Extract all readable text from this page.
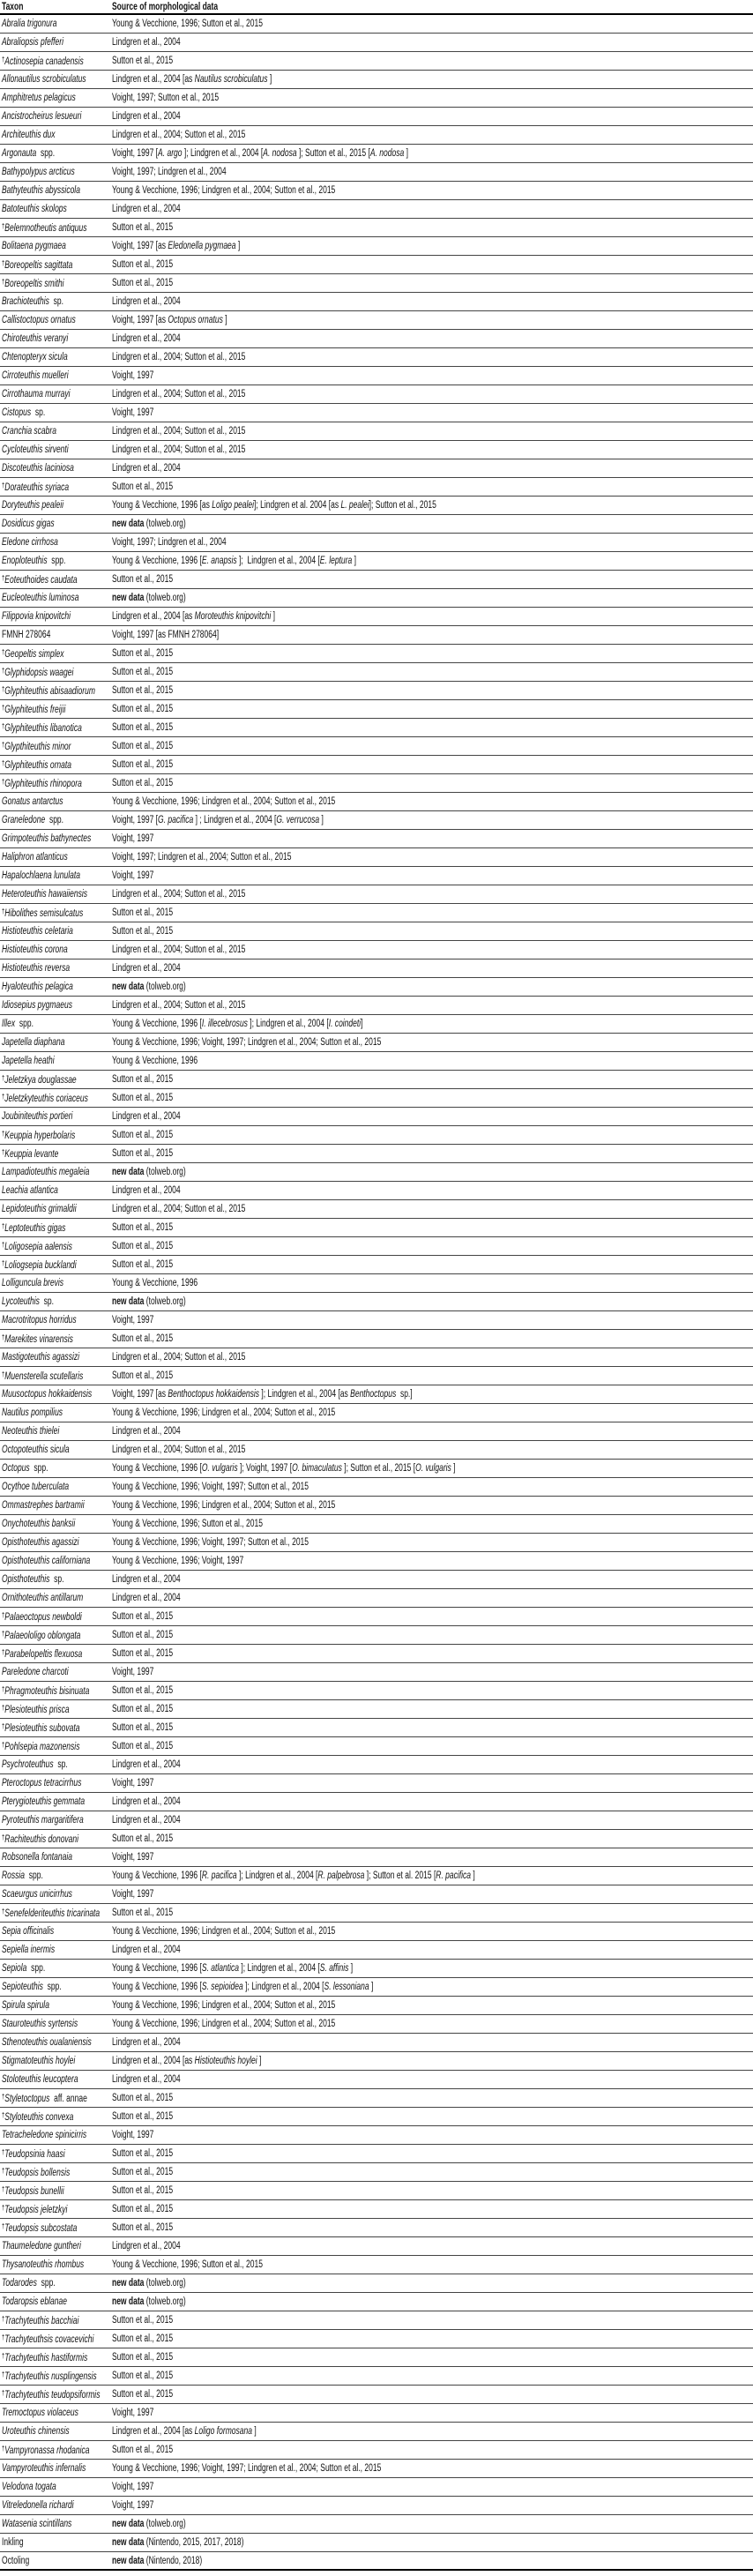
Taxon	Source of morphological data
Abralia trigonura	Young & Vecchione, 1996; Sutton et al., 2015
Abraliopsis pfefferi	Lindgren et al., 2004
†Actinosepia canadensis	Sutton et al., 2015
Allonautilus scrobiculatus	Lindgren et al., 2004 [as Nautilus scrobiculatus ]
Amphitretus pelagicus	Voight, 1997; Sutton et al., 2015
Ancistrocheirus lesueuri	Lindgren et al., 2004
Architeuthis dux	Lindgren et al., 2004; Sutton et al., 2015
Argonauta  spp.	Voight, 1997 [A. argo ]; Lindgren et al., 2004 [A. nodosa ]; Sutton et al., 2015 [A. nodosa ]
Bathypolypus arcticus	Voight, 1997; Lindgren et al., 2004
Bathyteuthis abyssicola	Young & Vecchione, 1996; Lindgren et al., 2004; Sutton et al., 2015
Batoteuthis skolops	Lindgren et al., 2004
†Belemnotheutis antiquus Sutton et al., 2015
Bolitaena pygmaea	Voight, 1997 [as Eledonella pygmaea ]
†Boreopeltis sagittata	Sutton et al., 2015
†Boreopeltis smithi	Sutton et al., 2015
Brachioteuthis  sp.	Lindgren et al., 2004
Callistoctopus ornatus	Voight, 1997 [as Octopus ornatus ]
Chiroteuthis veranyi	Lindgren et al., 2004
Chtenopteryx sicula	Lindgren et al., 2004; Sutton et al., 2015
Cirroteuthis muelleri	Voight, 1997
Cirrothauma murrayi	Lindgren et al., 2004; Sutton et al., 2015
Cistopus  sp.	Voight, 1997
Cranchia scabra	Lindgren et al., 2004; Sutton et al., 2015
Cycloteuthis sirventi	Lindgren et al., 2004; Sutton et al., 2015
Discoteuthis laciniosa	Lindgren et al., 2004
†Dorateuthis syriaca	Sutton et al., 2015
Doryteuthis pealeii	Young & Vecchione, 1996 [as Loligo pealei]; Lindgren et al. 2004 [as L. pealei]; Sutton et al., 2015
Dosidicus gigas	new data (tolweb.org)
Eledone cirrhosa	Voight, 1997; Lindgren et al., 2004
Enoploteuthis  spp.	Young & Vecchione, 1996 [E. anapsis ];  Lindgren et al., 2004 [E. leptura ]
†Eoteuthoides caudata	Sutton et al., 2015
Eucleoteuthis luminosa	new data (tolweb.org)
Filippovia knipovitchi	Lindgren et al., 2004 [as Moroteuthis knipovitchi ]
FMNH 278064	Voight, 1997 [as FMNH 278064]
†Geopeltis simplex	Sutton et al., 2015
†Glyphidopsis waagei	Sutton et al., 2015
†Glyphiteuthis abisaadiorum Sutton et al., 2015
†Glyphiteuthis freijii	Sutton et al., 2015
†Glyphiteuthis libanotica	Sutton et al., 2015
†Glypthiteuthis minor	Sutton et al., 2015
†Glyphiteuthis ornata	Sutton et al., 2015
†Glyphiteuthis rhinopora	Sutton et al., 2015
Gonatus antarctus	Young & Vecchione, 1996; Lindgren et al., 2004; Sutton et al., 2015
Graneledone  spp.	Voight, 1997 [G. pacifica ] ; Lindgren et al., 2004 [G. verrucosa ]
Grimpoteuthis bathynectes Voight, 1997
Haliphron atlanticus	Voight, 1997; Lindgren et al., 2004; Sutton et al., 2015
Hapalochlaena lunulata	Voight, 1997
Heteroteuthis hawaiiensis Lindgren et al., 2004; Sutton et al., 2015
†Hibolithes semisulcatus	Sutton et al., 2015
Histioteuthis celetaria	Sutton et al., 2015
Histioteuthis corona	Lindgren et al., 2004; Sutton et al., 2015
Histioteuthis reversa	Lindgren et al., 2004
Hyaloteuthis pelagica	new data (tolweb.org)
Idiosepius pygmaeus	Lindgren et al., 2004; Sutton et al., 2015
Illex  spp.	Young & Vecchione, 1996 [I. illecebrosus ]; Lindgren et al., 2004 [I. coindeti]
Japetella diaphana	Young & Vecchione, 1996; Voight, 1997; Lindgren et al., 2004; Sutton et al., 2015
Japetella heathi	Young & Vecchione, 1996
†Jeletzkya douglassae	Sutton et al., 2015
†Jeletzkyteuthis coriaceus Sutton et al., 2015
Joubiniteuthis portieri	Lindgren et al., 2004
†Keuppia hyperbolaris	Sutton et al., 2015
†Keuppia levante	Sutton et al., 2015
Lampadioteuthis megaleia new data (tolweb.org)
Leachia atlantica	Lindgren et al., 2004
Lepidoteuthis grimaldii	Lindgren et al., 2004; Sutton et al., 2015
†Leptoteuthis gigas	Sutton et al., 2015
†Loligosepia aalensis	Sutton et al., 2015
†Loliogsepia bucklandi	Sutton et al., 2015
Lolliguncula brevis	Young & Vecchione, 1996
Lycoteuthis  sp.	new data (tolweb.org)
Macrotritopus horridus	Voight, 1997
†Marekites vinarensis	Sutton et al., 2015
Mastigoteuthis agassizi	Lindgren et al., 2004; Sutton et al., 2015
†Muensterella scutellaris	Sutton et al., 2015
Muusoctopus hokkaidensis Voight, 1997 [as Benthoctopus hokkaidensis ]; Lindgren et al., 2004 [as Benthoctopus  sp.]
Nautilus pompilius	Young & Vecchione, 1996; Lindgren et al., 2004; Sutton et al., 2015
Neoteuthis thielei	Lindgren et al., 2004
Octopoteuthis sicula	Lindgren et al., 2004; Sutton et al., 2015
Octopus  spp.	Young & Vecchione, 1996 [O. vulgaris ]; Voight, 1997 [O. bimaculatus ]; Sutton et al., 2015 [O. vulgaris ]
Ocythoe tuberculata	Young & Vecchione, 1996; Voight, 1997; Sutton et al., 2015
Ommastrephes bartramii	Young & Vecchione, 1996; Lindgren et al., 2004; Sutton et al., 2015
Onychoteuthis banksii	Young & Vecchione, 1996; Sutton et al., 2015
Opisthoteuthis agassizi	Young & Vecchione, 1996; Voight, 1997; Sutton et al., 2015
Opisthoteuthis californiana Young & Vecchione, 1996; Voight, 1997
Opisthoteuthis  sp.	Lindgren et al., 2004
Ornithoteuthis antillarum	Lindgren et al., 2004
†Palaeoctopus newboldi	Sutton et al., 2015
†Palaeololigo oblongata	Sutton et al., 2015
†Parabelopeltis flexuosa	Sutton et al., 2015
Pareledone charcoti	Voight, 1997
†Phragmoteuthis bisinuata Sutton et al., 2015
†Plesioteuthis prisca	Sutton et al., 2015
†Plesioteuthis subovata	Sutton et al., 2015
†Pohlsepia mazonensis	Sutton et al., 2015
Psychroteuthus  sp.	Lindgren et al., 2004
Pteroctopus tetracirrhus	Voight, 1997
Pterygioteuthis gemmata	Lindgren et al., 2004
Pyroteuthis margaritifera	Lindgren et al., 2004
†Rachiteuthis donovani	Sutton et al., 2015
Robsonella fontanaia	Voight, 1997
Rossia  spp.	Young & Vecchione, 1996 [R. pacifica ]; Lindgren et al., 2004 [R. palpebrosa ]; Sutton et al. 2015 [R. pacifica ]
Scaeurgus unicirrhus	Voight, 1997
†Senefelderiteuthis tricarinata Sutton et al., 2015
Sepia officinalis	Young & Vecchione, 1996; Lindgren et al., 2004; Sutton et al., 2015
Sepiella inermis	Lindgren et al., 2004
Sepiola  spp.	Young & Vecchione, 1996 [S. atlantica ]; Lindgren et al., 2004 [S. affinis ]
Sepioteuthis  spp.	Young & Vecchione, 1996 [S. sepioidea ]; Lindgren et al., 2004 [S. lessoniana ]
Spirula spirula	Young & Vecchione, 1996; Lindgren et al., 2004; Sutton et al., 2015
Stauroteuthis syrtensis	Young & Vecchione, 1996; Lindgren et al., 2004; Sutton et al., 2015
Sthenoteuthis oualaniensis Lindgren et al., 2004
Stigmatoteuthis hoylei	Lindgren et al., 2004 [as Histioteuthis hoylei ]
Stoloteuthis leucoptera	Lindgren et al., 2004
†Styletoctopus  aff. annae Sutton et al., 2015
†Styloteuthis convexa	Sutton et al., 2015
Tetracheledone spinicirris	Voight, 1997
†Teudopsinia haasi	Sutton et al., 2015
†Teudopsis bollensis	Sutton et al., 2015
†Teudopsis bunellii	Sutton et al., 2015
†Teudopsis jeletzkyi	Sutton et al., 2015
†Teudopsis subcostata	Sutton et al., 2015
Thaumeledone guntheri	Lindgren et al., 2004
Thysanoteuthis rhombus	Young & Vecchione, 1996; Sutton et al., 2015
Todarodes  spp.	new data (tolweb.org)
Todaropsis eblanae	new data (tolweb.org)
†Trachyteuthis bacchiai	Sutton et al., 2015
†Trachyteuthsis covacevichi Sutton et al., 2015
†Trachyteuthis hastiformis Sutton et al., 2015
†Trachyteuthis nusplingensis Sutton et al., 2015
†Trachyteuthis teudopsiformis Sutton et al., 2015
Tremoctopus violaceus	Voight, 1997
Uroteuthis chinensis	Lindgren et al., 2004 [as Loligo formosana ]
†Vampyronassa rhodanica Sutton et al., 2015
Vampyroteuthis infernalis	Young & Vecchione, 1996; Voight, 1997; Lindgren et al., 2004; Sutton et al., 2015
Velodona togata	Voight, 1997
Vitreledonella richardi	Voight, 1997
Watasenia scintillans	new data (tolweb.org)
Inkling	new data (Nintendo, 2015, 2017, 2018)
Octoling	new data (Nintendo, 2018)
